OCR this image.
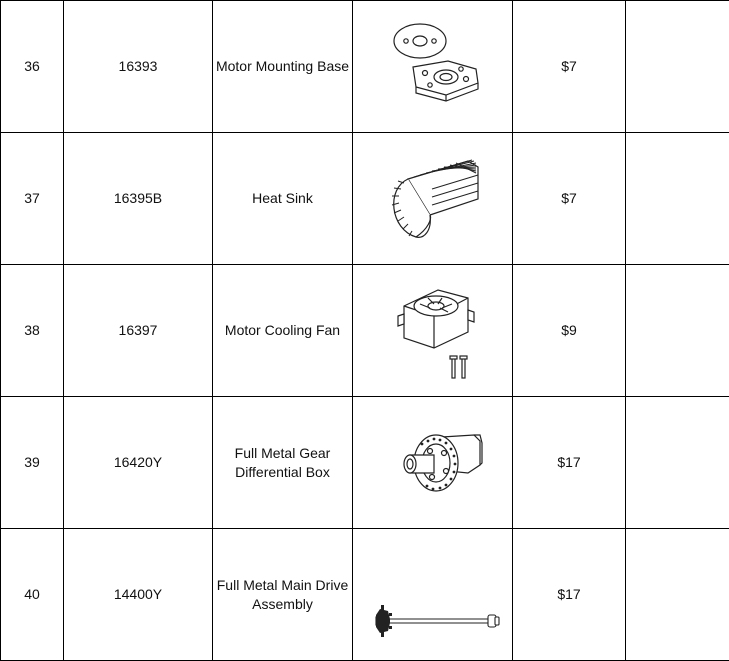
36	16393	Motor Mounting Base		$7	
37	16395B	Heat Sink		$7	
38	16397	Motor Cooling Fan		$9	
39	16420Y	Full Metal Gear Differential Box		$17	
40	14400Y	Full Metal Main Drive Assembly		$17	
